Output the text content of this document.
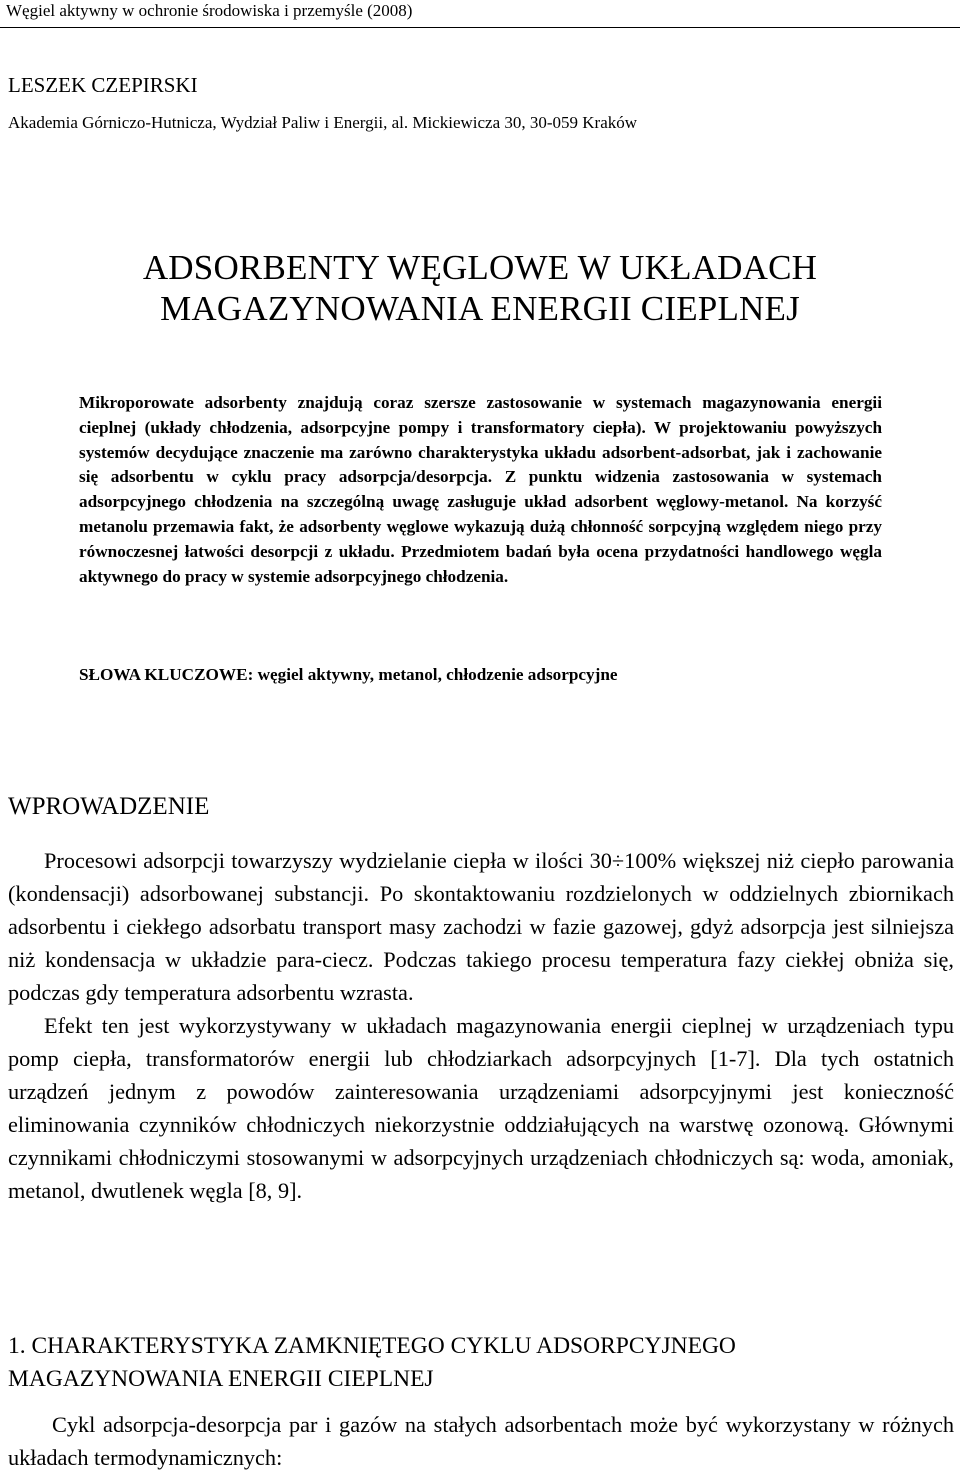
Węgiel aktywny w ochronie środowiska i przemyśle (2008)
LESZEK CZEPIRSKI
Akademia Górniczo-Hutnicza, Wydział Paliw i Energii, al. Mickiewicza 30, 30-059 Kraków
ADSORBENTY WĘGLOWE W UKŁADACH
MAGAZYNOWANIA ENERGII CIEPLNEJ
Mikroporowate adsorbenty znajdują coraz szersze zastosowanie w systemach magazynowania energii cieplnej (układy chłodzenia, adsorpcyjne pompy i transformatory ciepła). W projektowaniu powyższych systemów decydujące znaczenie ma zarówno charakterystyka układu adsorbent-adsorbat, jak i zachowanie się adsorbentu w cyklu pracy adsorpcja/desorpcja. Z punktu widzenia zastosowania w systemach adsorpcyjnego chłodzenia na szczególną uwagę zasługuje układ adsorbent węglowy-metanol. Na korzyść metanolu przemawia fakt, że adsorbenty węglowe wykazują dużą chłonność sorpcyjną względem niego przy równoczesnej łatwości desorpcji z układu. Przedmiotem badań była ocena przydatności handlowego węgla aktywnego do pracy w systemie adsorpcyjnego chłodzenia.
SŁOWA KLUCZOWE: węgiel aktywny, metanol, chłodzenie adsorpcyjne
WPROWADZENIE

Procesowi adsorpcji towarzyszy wydzielanie ciepła w ilości 30÷100% większej niż ciepło parowania (kondensacji) adsorbowanej substancji. Po skontaktowaniu rozdzielonych w oddzielnych zbiornikach adsorbentu i ciekłego adsorbatu transport masy zachodzi w fazie gazowej, gdyż adsorpcja jest silniejsza niż kondensacja w układzie para-ciecz. Podczas takiego procesu temperatura fazy ciekłej obniża się, podczas gdy temperatura adsorbentu wzrasta.

Efekt ten jest wykorzystywany w układach magazynowania energii cieplnej w urządzeniach typu pomp ciepła, transformatorów energii lub chłodziarkach adsorpcyjnych [1-7]. Dla tych ostatnich urządzeń jednym z powodów zainteresowania urządzeniami adsorpcyjnymi jest konieczność eliminowania czynników chłodniczych niekorzystnie oddziałujących na warstwę ozonową. Głównymi czynnikami chłodniczymi stosowanymi w adsorpcyjnych urządzeniach chłodniczych są: woda, amoniak, metanol, dwutlenek węgla [8, 9].

1. CHARAKTERYSTYKA ZAMKNIĘTEGO CYKLU ADSORPCYJNEGO MAGAZYNOWANIA ENERGII CIEPLNEJ

Cykl adsorpcja-desorpcja par i gazów na stałych adsorbentach może być wykorzystany w różnych układach termodynamicznych:
